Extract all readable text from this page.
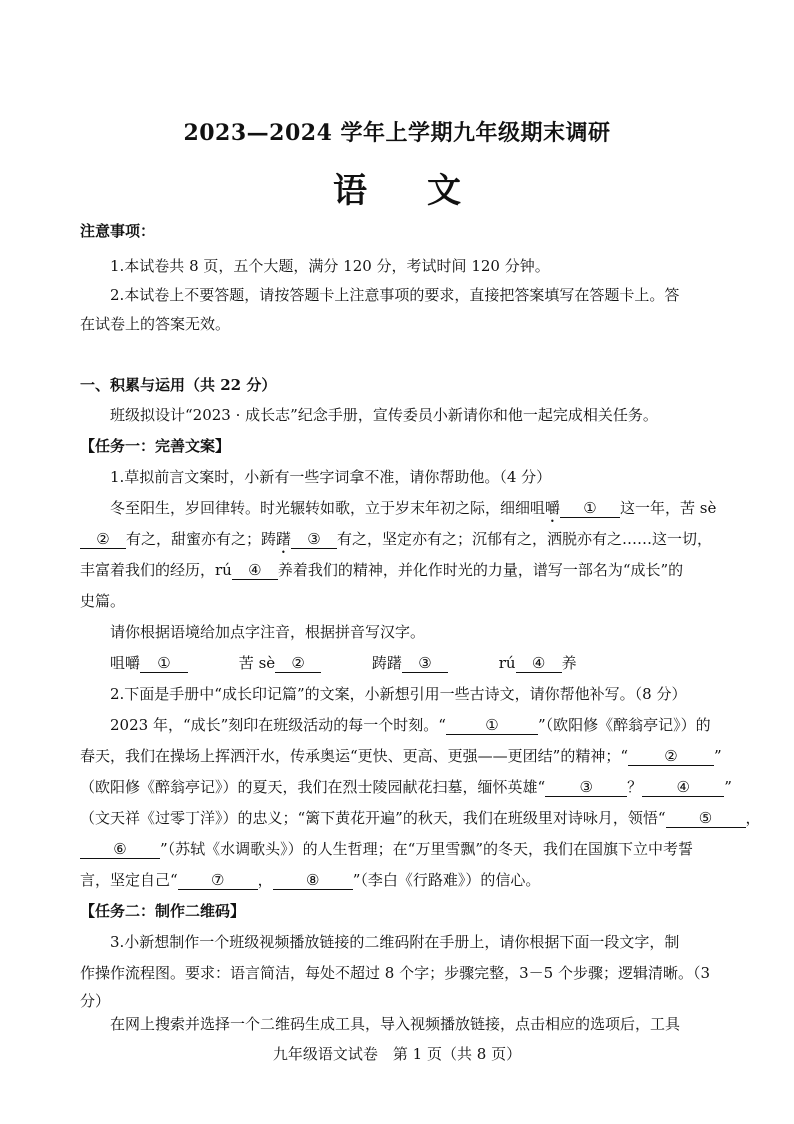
2023—2024 学年上学期九年级期末调研
语 文
注意事项：
1.本试卷共 8 页，五个大题，满分 120 分，考试时间 120 分钟。
2.本试卷上不要答题，请按答题卡上注意事项的要求，直接把答案填写在答题卡上。答
在试卷上的答案无效。
一、积累与运用（共 22 分）
班级拟设计“2023 · 成长志”纪念手册，宣传委员小新请你和他一起完成相关任务。
【任务一：完善文案】
1.草拟前言文案时，小新有一些字词拿不准，请你帮助他。（4 分）
冬至阳生，岁回律转。时光辗转如歌，立于岁末年初之际，细细咀嚼 ① 这一年，苦 sè
② 有之，甜蜜亦有之；踌躇 ③ 有之，坚定亦有之；沉郁有之，洒脱亦有之……这一切，
丰富着我们的经历，rú ④ 养着我们的精神，并化作时光的力量，谱写一部名为“成长”的
史篇。
请你根据语境给加点字注音，根据拼音写汉字。
咀嚼 ①	苦 sè ②	踌躇 ③	rú ④ 养
2.下面是手册中“成长印记篇”的文案，小新想引用一些古诗文，请你帮他补写。（8 分）
2023 年，“成长”刻印在班级活动的每一个时刻。“	①	”（欧阳修《醉翁亭记》）的
春天，我们在操场上挥洒汗水，传承奥运“更快、更高、更强——更团结”的精神；“ ② ”
（欧阳修《醉翁亭记》）的夏天，我们在烈士陵园献花扫墓，缅怀英雄“ ③ ？ ④ ”
（文天祥《过零丁洋》）的忠义；“篱下黄花开遍”的秋天，我们在班级里对诗咏月，领悟“ ⑤ ，
⑥ ”（苏轼《水调歌头》）的人生哲理；在“万里雪飘”的冬天，我们在国旗下立中考誓
言，坚定自己“ ⑦ ， ⑧ ”（李白《行路难》）的信心。
【任务二：制作二维码】
3.小新想制作一个班级视频播放链接的二维码附在手册上，请你根据下面一段文字，制
作操作流程图。要求：语言简洁，每处不超过 8 个字；步骤完整，3－5 个步骤；逻辑清晰。（3
分）
在网上搜索并选择一个二维码生成工具，导入视频播放链接，点击相应的选项后，工具
九年级语文试卷　第 1 页（共 8 页）
